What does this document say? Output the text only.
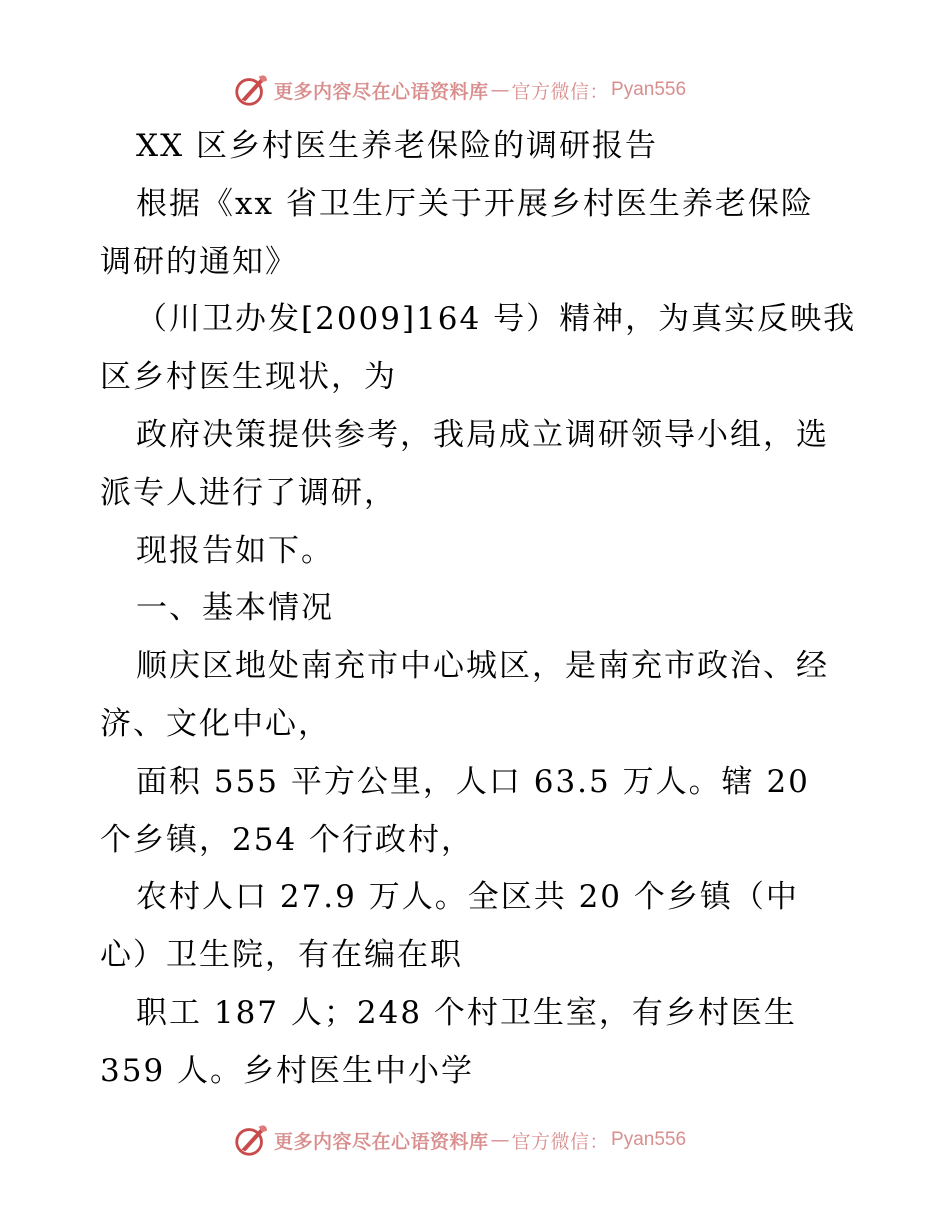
更多内容尽在心语资料库 — 官方微信： Pyan556
XX 区乡村医生养老保险的调研报告
根据《xx 省卫生厅关于开展乡村医生养老保险
调研的通知》
（川卫办发[2009]164 号）精神，为真实反映我
区乡村医生现状，为
政府决策提供参考，我局成立调研领导小组，选
派专人进行了调研，
现报告如下。
一、基本情况
顺庆区地处南充市中心城区，是南充市政治、经
济、文化中心，
面积 555 平方公里，人口 63.5 万人。辖 20
个乡镇，254 个行政村，
农村人口 27.9 万人。全区共 20 个乡镇（中
心）卫生院，有在编在职
职工 187 人；248 个村卫生室，有乡村医生
359 人。乡村医生中小学
更多内容尽在心语资料库 — 官方微信： Pyan556
